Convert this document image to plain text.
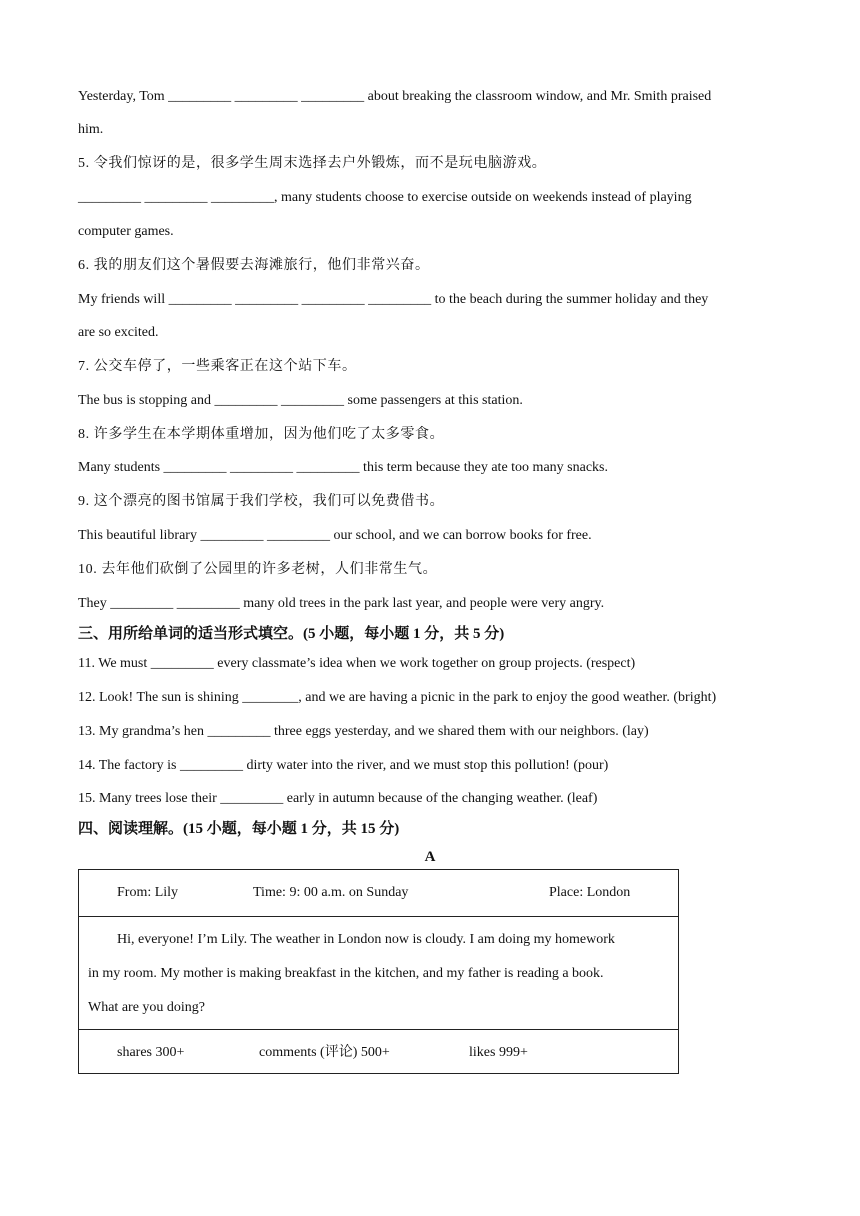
Yesterday, Tom _________ _________ _________ about breaking the classroom window, and Mr. Smith praised
him.
5. 令我们惊讶的是，很多学生周末选择去户外锻炼，而不是玩电脑游戏。
_________ _________ _________, many students choose to exercise outside on weekends instead of playing
computer games.
6. 我的朋友们这个暑假要去海滩旅行，他们非常兴奋。
My friends will _________ _________ _________ _________ to the beach during the summer holiday and they
are so excited.
7. 公交车停了，一些乘客正在这个站下车。
The bus is stopping and _________ _________ some passengers at this station.
8. 许多学生在本学期体重增加，因为他们吃了太多零食。
Many students _________ _________ _________ this term because they ate too many snacks.
9. 这个漂亮的图书馆属于我们学校，我们可以免费借书。
This beautiful library _________ _________ our school, and we can borrow books for free.
10. 去年他们砍倒了公园里的许多老树，人们非常生气。
They _________ _________ many old trees in the park last year, and people were very angry.
三、用所给单词的适当形式填空。(5 小题，每小题 1 分，共 5 分)
11. We must _________ every classmate’s idea when we work together on group projects. (respect)
12. Look! The sun is shining ________, and we are having a picnic in the park to enjoy the good weather. (bright)
13. My grandma’s hen _________ three eggs yesterday, and we shared them with our neighbors. (lay)
14. The factory is _________ dirty water into the river, and we must stop this pollution! (pour)
15. Many trees lose their _________ early in autumn because of the changing weather. (leaf)
四、阅读理解。(15 小题，每小题 1 分，共 15 分)
A
From: Lily	Time: 9: 00 a.m. on Sunday	Place: London
Hi, everyone! I’m Lily. The weather in London now is cloudy. I am doing my homework
in my room. My mother is making breakfast in the kitchen, and my father is reading a book.
What are you doing?
shares 300+	comments (评论) 500+	likes 999+
